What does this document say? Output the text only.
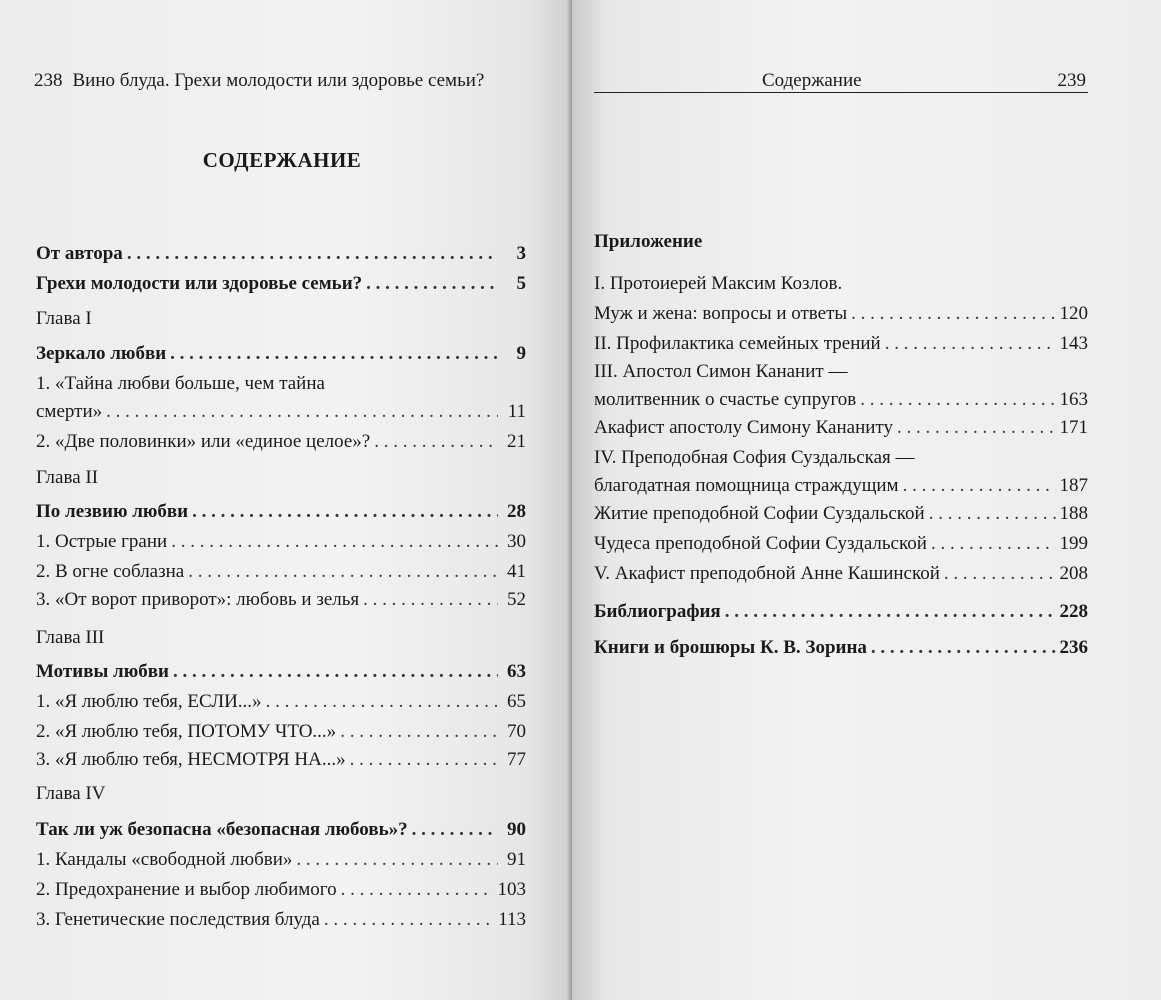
238 Вино блуда. Грехи молодости или здоровье семьи?
СОДЕРЖАНИЕ
От автора . . .	3
Грехи молодости или здоровье семьи? . . .	5
Глава I
Зеркало любви . . .	9
1. «Тайна любви больше, чем тайна
смерти» . . .	11
2. «Две половинки» или «единое целое»? . . .	21
Глава II
По лезвию любви . . .	28
1. Острые грани . . .	30
2. В огне соблазна . . .	41
3. «От ворот приворот»: любовь и зелья . . .	52
Глава III
Мотивы любви . . .	63
1. «Я люблю тебя, ЕСЛИ...» . . .	65
2. «Я люблю тебя, ПОТОМУ ЧТО...» . . .	70
3. «Я люблю тебя, НЕСМОТРЯ НА...» . . .	77
Глава IV
Так ли уж безопасна «безопасная любовь»? . . .	90
1. Кандалы «свободной любви» . . .	91
2. Предохранение и выбор любимого . . .	103
3. Генетические последствия блуда . . .	113
Содержание	239
Приложение
I. Протоиерей Максим Козлов.
Муж и жена: вопросы и ответы . . .	120
II. Профилактика семейных трений . . .	143
III. Апостол Симон Кананит —
молитвенник о счастье супругов . . .	163
Акафист апостолу Симону Кананиту . . .	171
IV. Преподобная София Суздальская —
благодатная помощница страждущим . . .	187
Житие преподобной Софии Суздальской . . .	188
Чудеса преподобной Софии Суздальской . . .	199
V. Акафист преподобной Анне Кашинской . . .	208
Библиография . . .	228
Книги и брошюры К. В. Зорина . . .	236
